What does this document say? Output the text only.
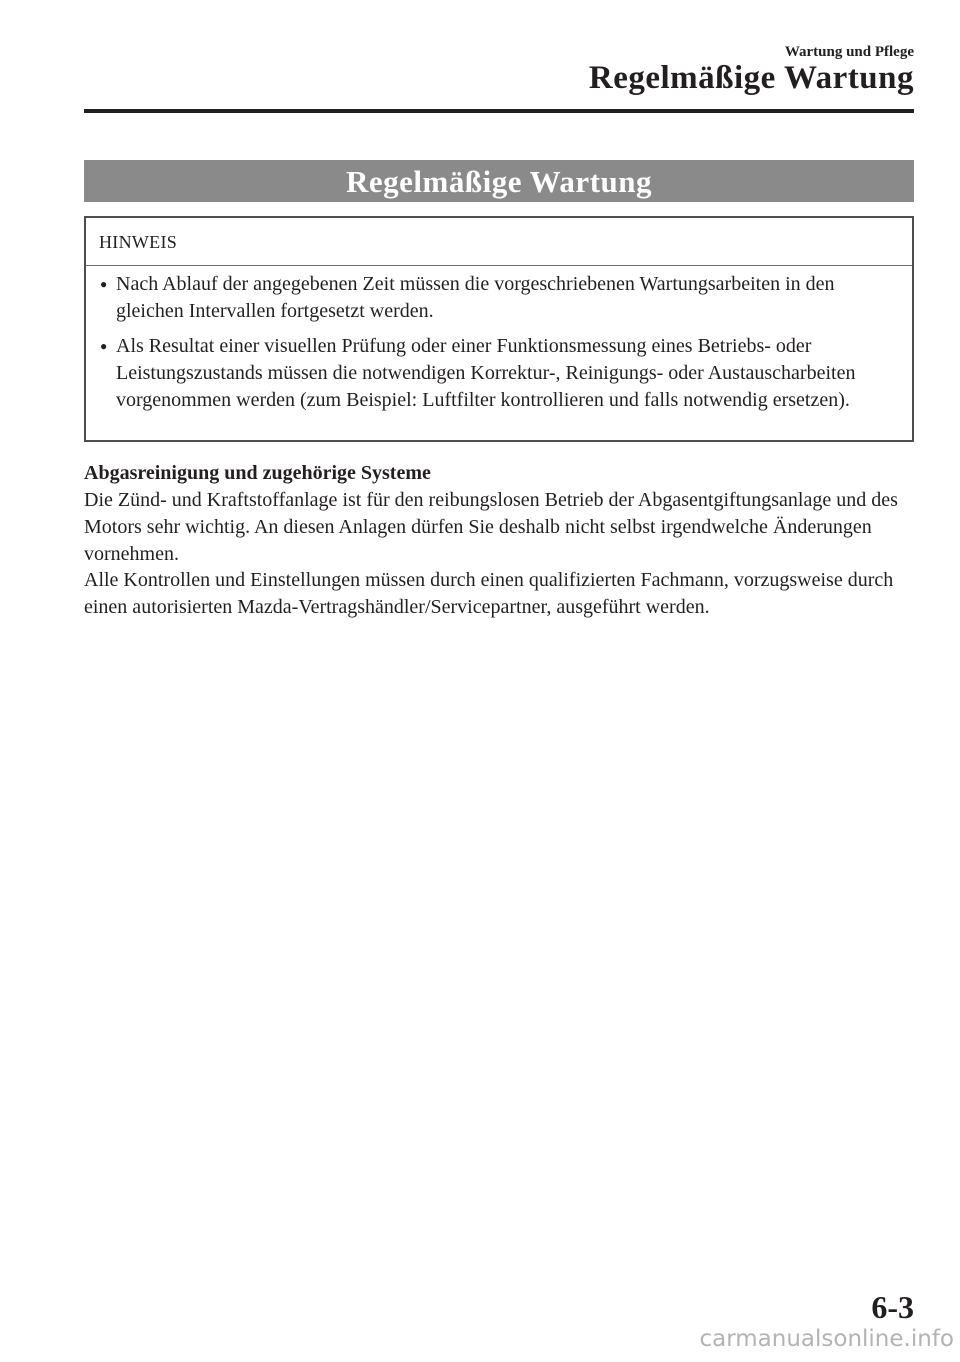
Wartung und Pflege
Regelmäßige Wartung
Regelmäßige Wartung
HINWEIS
● Nach Ablauf der angegebenen Zeit müssen die vorgeschriebenen Wartungsarbeiten in den gleichen Intervallen fortgesetzt werden.
● Als Resultat einer visuellen Prüfung oder einer Funktionsmessung eines Betriebs- oder Leistungszustands müssen die notwendigen Korrektur-, Reinigungs- oder Austauscharbeiten vorgenommen werden (zum Beispiel: Luftfilter kontrollieren und falls notwendig ersetzen).
Abgasreinigung und zugehörige Systeme

Die Zünd- und Kraftstoffanlage ist für den reibungslosen Betrieb der Abgasentgiftungsanlage und des Motors sehr wichtig. An diesen Anlagen dürfen Sie deshalb nicht selbst irgendwelche Änderungen vornehmen.

Alle Kontrollen und Einstellungen müssen durch einen qualifizierten Fachmann, vorzugsweise durch einen autorisierten Mazda-Vertragshändler/Servicepartner, ausgeführt werden.

6-3
carmanualsonline.info
